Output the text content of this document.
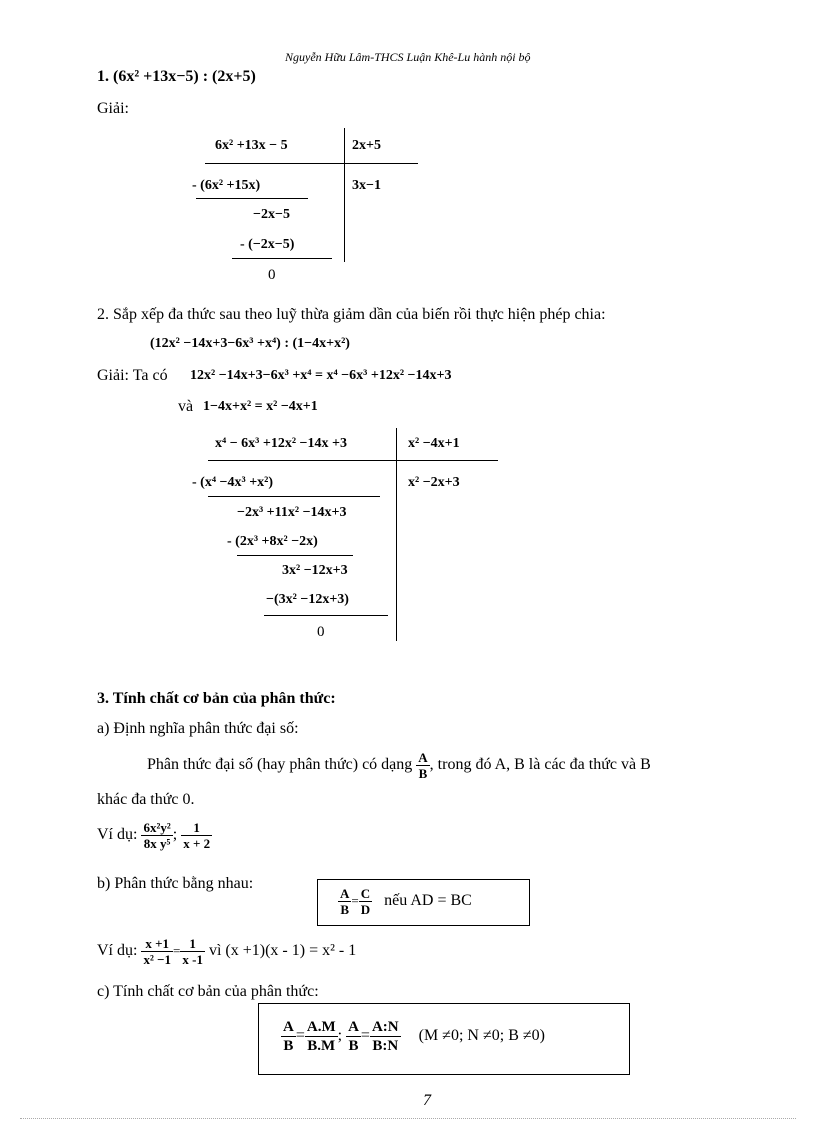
Nguyễn Hữu Lâm-THCS Luận Khê-Lu hành nội bộ
1. (6x² +13x−5) : (2x+5)
Giải:
6x² +13x − 5	2x+5
- (6x² +15x)	3x−1
−2x−5
- (−2x−5)
0
2. Sắp xếp đa thức sau theo luỹ thừa giảm dần của biến rồi thực hiện phép chia:
(12x² −14x+3−6x³ +x⁴) : (1−4x+x²)
Giải: Ta có 12x² −14x+3−6x³ +x⁴ = x⁴ −6x³ +12x² −14x+3
và 1−4x+x² = x² −4x+1
x⁴ − 6x³ +12x² −14x +3	x² −4x+1
- (x⁴ −4x³ +x²)	x² −2x+3
−2x³ +11x² −14x+3
- (2x³ +8x² −2x)
3x² −12x+3
−(3x² −12x+3)
0
3. Tính chất cơ bản của phân thức:
a) Định nghĩa phân thức đại số:
Phân thức đại số (hay phân thức) có dạng $\frac{A}{B}$ , trong đó A, B là các đa thức và B
khác đa thức 0.
Ví dụ: $\frac{\text{6x²y²}}{\text{8x y⁵}}$ ; $\frac{1}{x + 2}$
b) Phân thức bằng nhau:
$\frac{A}{B} = \frac{C}{D}$ nếu AD = BC
Ví dụ: $\frac{x +1}{\text{x² −1}} = \frac{1}{x -1}$ vì (x +1)(x - 1) = x² - 1
c) Tính chất cơ bản của phân thức:
$\frac{A}{B} = \frac{A.M}{B.M}$ ; $\frac{A}{B} = \frac{A:N}{B:N} (M \ne 0$; N ≠0; B ≠0)
7
